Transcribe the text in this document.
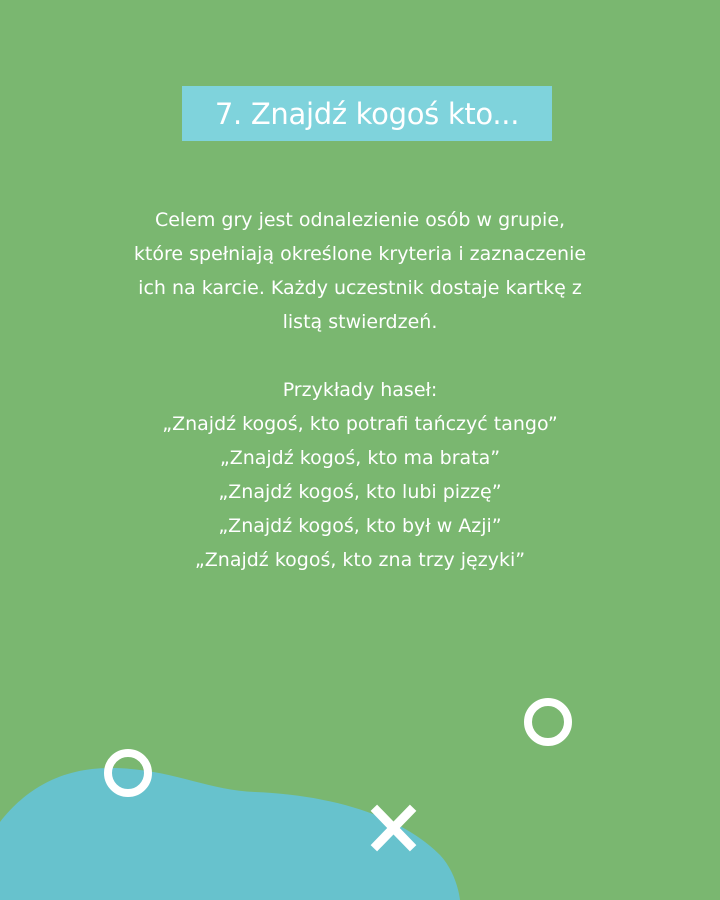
7. Znajdź kogoś kto...

Celem gry jest odnalezienie osób w grupie,

które spełniają określone kryteria i zaznaczenie

ich na karcie. Każdy uczestnik dostaje kartkę z

listą stwierdzeń.

Przykłady haseł:

„Znajdź kogoś, kto potrafi tańczyć tango”

„Znajdź kogoś, kto ma brata”

„Znajdź kogoś, kto lubi pizzę”

„Znajdź kogoś, kto był w Azji”

„Znajdź kogoś, kto zna trzy języki”
